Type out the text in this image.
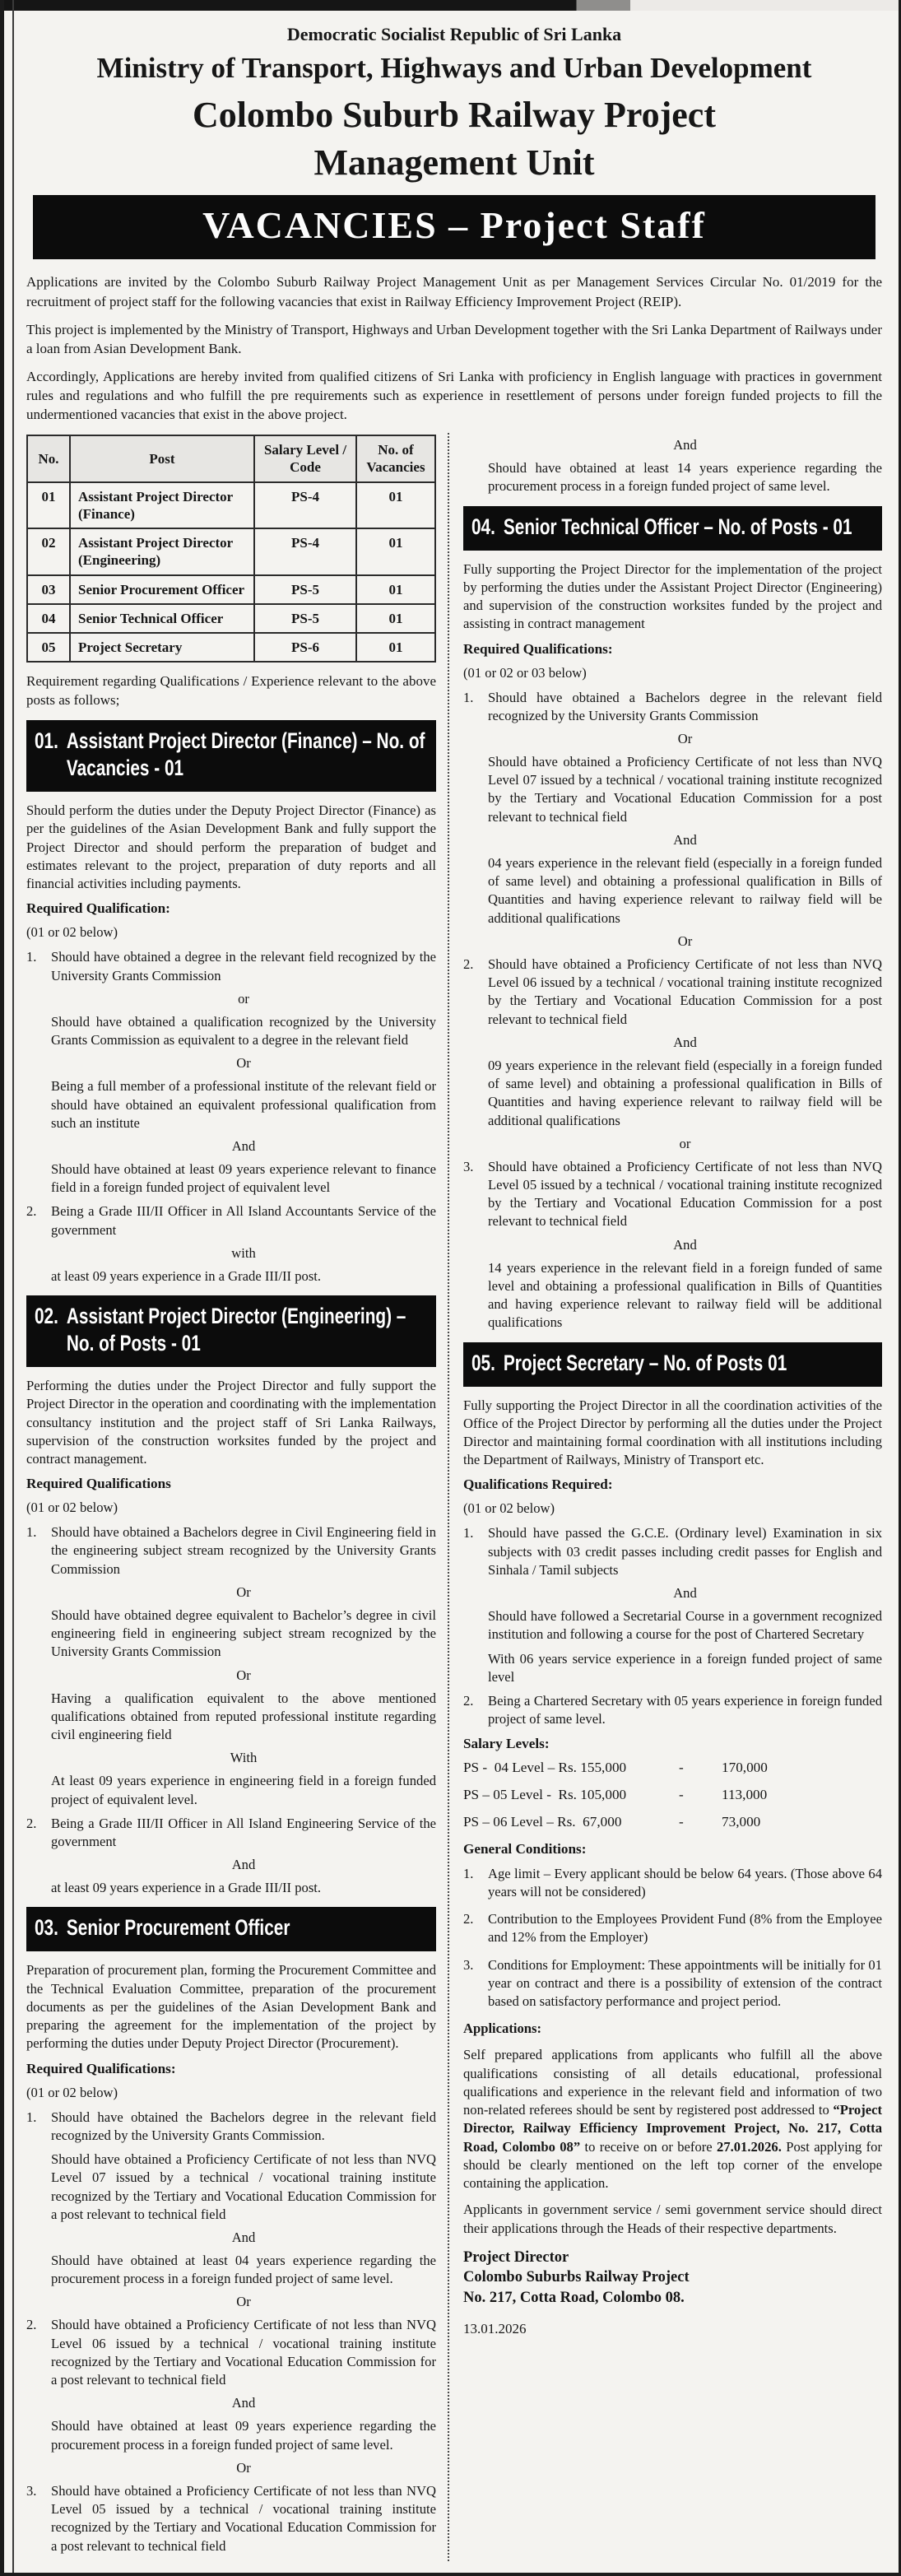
Democratic Socialist Republic of Sri Lanka
Ministry of Transport, Highways and Urban Development
Colombo Suburb Railway Project
Management Unit
VACANCIES – Project Staff

Applications are invited by the Colombo Suburb Railway Project Management Unit as per Management Services Circular No. 01/2019 for the recruitment of project staff for the following vacancies that exist in Railway Efficiency Improvement Project (REIP).

This project is implemented by the Ministry of Transport, Highways and Urban Development together with the Sri Lanka Department of Railways under a loan from Asian Development Bank.

Accordingly, Applications are hereby invited from qualified citizens of Sri Lanka with proficiency in English language with practices in government rules and regulations and who fulfill the pre requirements such as experience in resettlement of persons under foreign funded projects to fill the undermentioned vacancies that exist in the above project.

No.	Post	Salary Level / Code	No. of Vacancies
01	Assistant Project Director (Finance)	PS-4	01
02	Assistant Project Director (Engineering)	PS-4	01
03	Senior Procurement Officer	PS-5	01
04	Senior Technical Officer	PS-5	01
05	Project Secretary	PS-6	01

Requirement regarding Qualifications / Experience relevant to the above posts as follows;

01. Assistant Project Director (Finance) – No. of Vacancies - 01

Should perform the duties under the Deputy Project Director (Finance) as per the guidelines of the Asian Development Bank and fully support the Project Director and should perform the preparation of budget and estimates relevant to the project, preparation of duty reports and all financial activities including payments.

Required Qualification:

(01 or 02 below)

1.	Should have obtained a degree in the relevant field recognized by the University Grants Commission

or

Should have obtained a qualification recognized by the University Grants Commission as equivalent to a degree in the relevant field

Or

Being a full member of a professional institute of the relevant field or should have obtained an equivalent professional qualification from such an institute

And

Should have obtained at least 09 years experience relevant to finance field in a foreign funded project of equivalent level

2.	Being a Grade III/II Officer in All Island Accountants Service of the government

with

at least 09 years experience in a Grade III/II post.

02. Assistant Project Director (Engineering) – No. of Posts - 01

Performing the duties under the Project Director and fully support the Project Director in the operation and coordinating with the implementation consultancy institution and the project staff of Sri Lanka Railways, supervision of the construction worksites funded by the project and contract management.

Required Qualifications

(01 or 02 below)

1.	Should have obtained a Bachelors degree in Civil Engineering field in the engineering subject stream recognized by the University Grants Commission

Or

Should have obtained degree equivalent to Bachelor’s degree in civil engineering field in engineering subject stream recognized by the University Grants Commission

Or

Having a qualification equivalent to the above mentioned qualifications obtained from reputed professional institute regarding civil engineering field

With

At least 09 years experience in engineering field in a foreign funded project of equivalent level.

2.	Being a Grade III/II Officer in All Island Engineering Service of the government

And

at least 09 years experience in a Grade III/II post.

03. Senior Procurement Officer

Preparation of procurement plan, forming the Procurement Committee and the Technical Evaluation Committee, preparation of the procurement documents as per the guidelines of the Asian Development Bank and preparing the agreement for the implementation of the project by performing the duties under Deputy Project Director (Procurement).

Required Qualifications:

(01 or 02 below)

1.	Should have obtained the Bachelors degree in the relevant field recognized by the University Grants Commission.

Should have obtained a Proficiency Certificate of not less than NVQ Level 07 issued by a technical / vocational training institute recognized by the Tertiary and Vocational Education Commission for a post relevant to technical field

And

Should have obtained at least 04 years experience regarding the procurement process in a foreign funded project of same level.

Or

2.	Should have obtained a Proficiency Certificate of not less than NVQ Level 06 issued by a technical / vocational training institute recognized by the Tertiary and Vocational Education Commission for a post relevant to technical field

And

Should have obtained at least 09 years experience regarding the procurement process in a foreign funded project of same level.

Or

3.	Should have obtained a Proficiency Certificate of not less than NVQ Level 05 issued by a technical / vocational training institute recognized by the Tertiary and Vocational Education Commission for a post relevant to technical field

And

Should have obtained at least 14 years experience regarding the procurement process in a foreign funded project of same level.

04. Senior Technical Officer – No. of Posts - 01

Fully supporting the Project Director for the implementation of the project by performing the duties under the Assistant Project Director (Engineering) and supervision of the construction worksites funded by the project and assisting in contract management

Required Qualifications:

(01 or 02 or 03 below)

1.	Should have obtained a Bachelors degree in the relevant field recognized by the University Grants Commission

Or

Should have obtained a Proficiency Certificate of not less than NVQ Level 07 issued by a technical / vocational training institute recognized by the Tertiary and Vocational Education Commission for a post relevant to technical field

And

04 years experience in the relevant field (especially in a foreign funded of same level) and obtaining a professional qualification in Bills of Quantities and having experience relevant to railway field will be additional qualifications

Or

2.	Should have obtained a Proficiency Certificate of not less than NVQ Level 06 issued by a technical / vocational training institute recognized by the Tertiary and Vocational Education Commission for a post relevant to technical field

And

09 years experience in the relevant field (especially in a foreign funded of same level) and obtaining a professional qualification in Bills of Quantities and having experience relevant to railway field will be additional qualifications

or

3.	Should have obtained a Proficiency Certificate of not less than NVQ Level 05 issued by a technical / vocational training institute recognized by the Tertiary and Vocational Education Commission for a post relevant to technical field

And

14 years experience in the relevant field in a foreign funded of same level and obtaining a professional qualification in Bills of Quantities and having experience relevant to railway field will be additional qualifications

05. Project Secretary – No. of Posts 01

Fully supporting the Project Director in all the coordination activities of the Office of the Project Director by performing all the duties under the Project Director and maintaining formal coordination with all institutions including the Department of Railways, Ministry of Transport etc.

Qualifications Required:

(01 or 02 below)

1.	Should have passed the G.C.E. (Ordinary level) Examination in six subjects with 03 credit passes including credit passes for English and Sinhala / Tamil subjects

And

Should have followed a Secretarial Course in a government recognized institution and following a course for the post of Chartered Secretary

With 06 years service experience in a foreign funded project of same level

2.	Being a Chartered Secretary with 05 years experience in foreign funded project of same level.

Salary Levels:

PS -  04 Level – Rs. 155,000	-	170,000
PS – 05 Level -  Rs. 105,000	-	113,000
PS – 06 Level – Rs.  67,000	-	73,000

General Conditions:

1.	Age limit – Every applicant should be below 64 years. (Those above 64 years will not be considered)
2.	Contribution to the Employees Provident Fund (8% from the Employee and 12% from the Employer)
3.	Conditions for Employment: These appointments will be initially for 01 year on contract and there is a possibility of extension of the contract based on satisfactory performance and project period.

Applications:

Self prepared applications from applicants who fulfill all the above qualifications consisting of all details educational, professional qualifications and experience in the relevant field and information of two non-related referees should be sent by registered post addressed to “Project Director, Railway Efficiency Improvement Project, No. 217, Cotta Road, Colombo 08” to receive on or before 27.01.2026. Post applying for should be clearly mentioned on the left top corner of the envelope containing the application.

Applicants in government service / semi government service should direct their applications through the Heads of their respective departments.

Project Director
Colombo Suburbs Railway Project
No. 217, Cotta Road, Colombo 08.

13.01.2026
